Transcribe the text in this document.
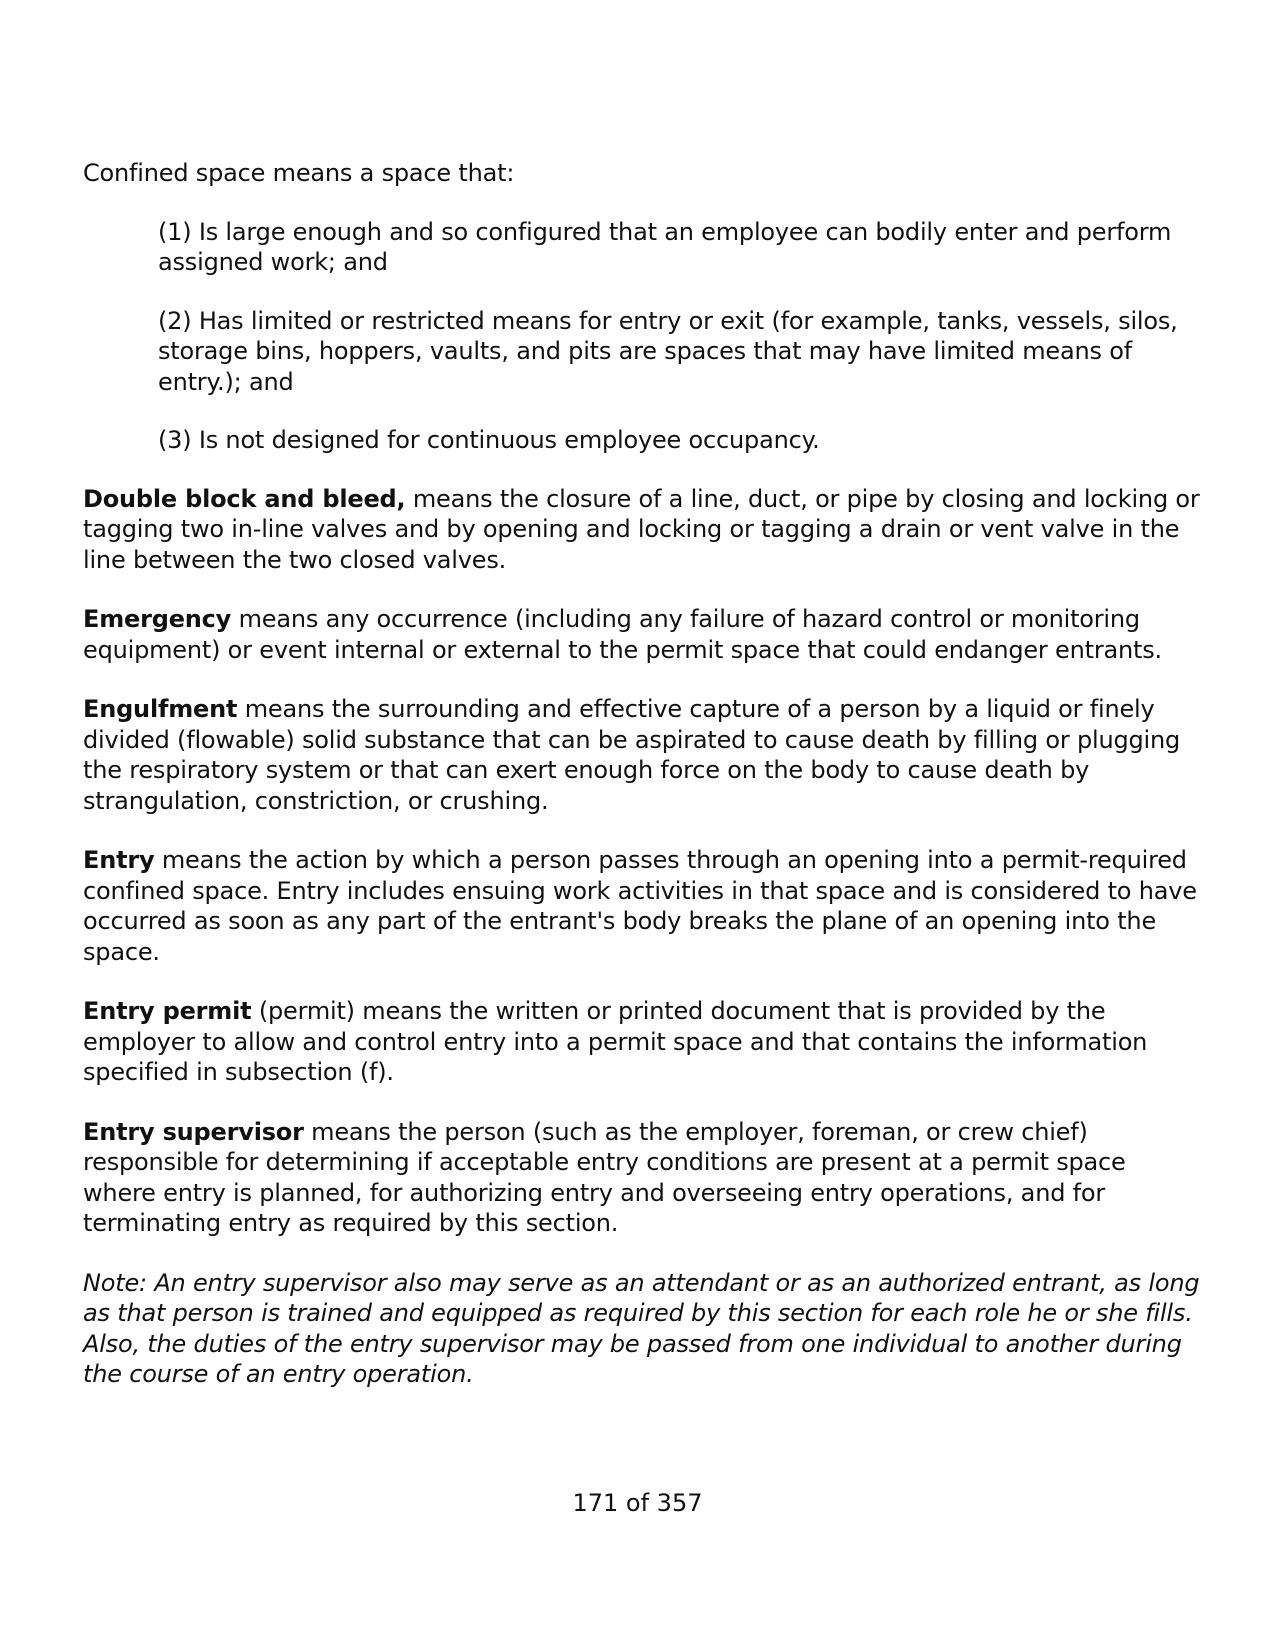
Confined space means a space that:

(1) Is large enough and so configured that an employee can bodily enter and perform assigned work; and

(2) Has limited or restricted means for entry or exit (for example, tanks, vessels, silos, storage bins, hoppers, vaults, and pits are spaces that may have limited means of entry.); and

(3) Is not designed for continuous employee occupancy.

Double block and bleed, means the closure of a line, duct, or pipe by closing and locking or tagging two in-line valves and by opening and locking or tagging a drain or vent valve in the line between the two closed valves.

Emergency means any occurrence (including any failure of hazard control or monitoring equipment) or event internal or external to the permit space that could endanger entrants.

Engulfment means the surrounding and effective capture of a person by a liquid or finely divided (flowable) solid substance that can be aspirated to cause death by filling or plugging the respiratory system or that can exert enough force on the body to cause death by strangulation, constriction, or crushing.

Entry means the action by which a person passes through an opening into a permit-required confined space. Entry includes ensuing work activities in that space and is considered to have occurred as soon as any part of the entrant's body breaks the plane of an opening into the space.

Entry permit (permit) means the written or printed document that is provided by the employer to allow and control entry into a permit space and that contains the information specified in subsection (f).

Entry supervisor means the person (such as the employer, foreman, or crew chief) responsible for determining if acceptable entry conditions are present at a permit space where entry is planned, for authorizing entry and overseeing entry operations, and for terminating entry as required by this section.

Note: An entry supervisor also may serve as an attendant or as an authorized entrant, as long as that person is trained and equipped as required by this section for each role he or she fills. Also, the duties of the entry supervisor may be passed from one individual to another during the course of an entry operation.

171 of 357
